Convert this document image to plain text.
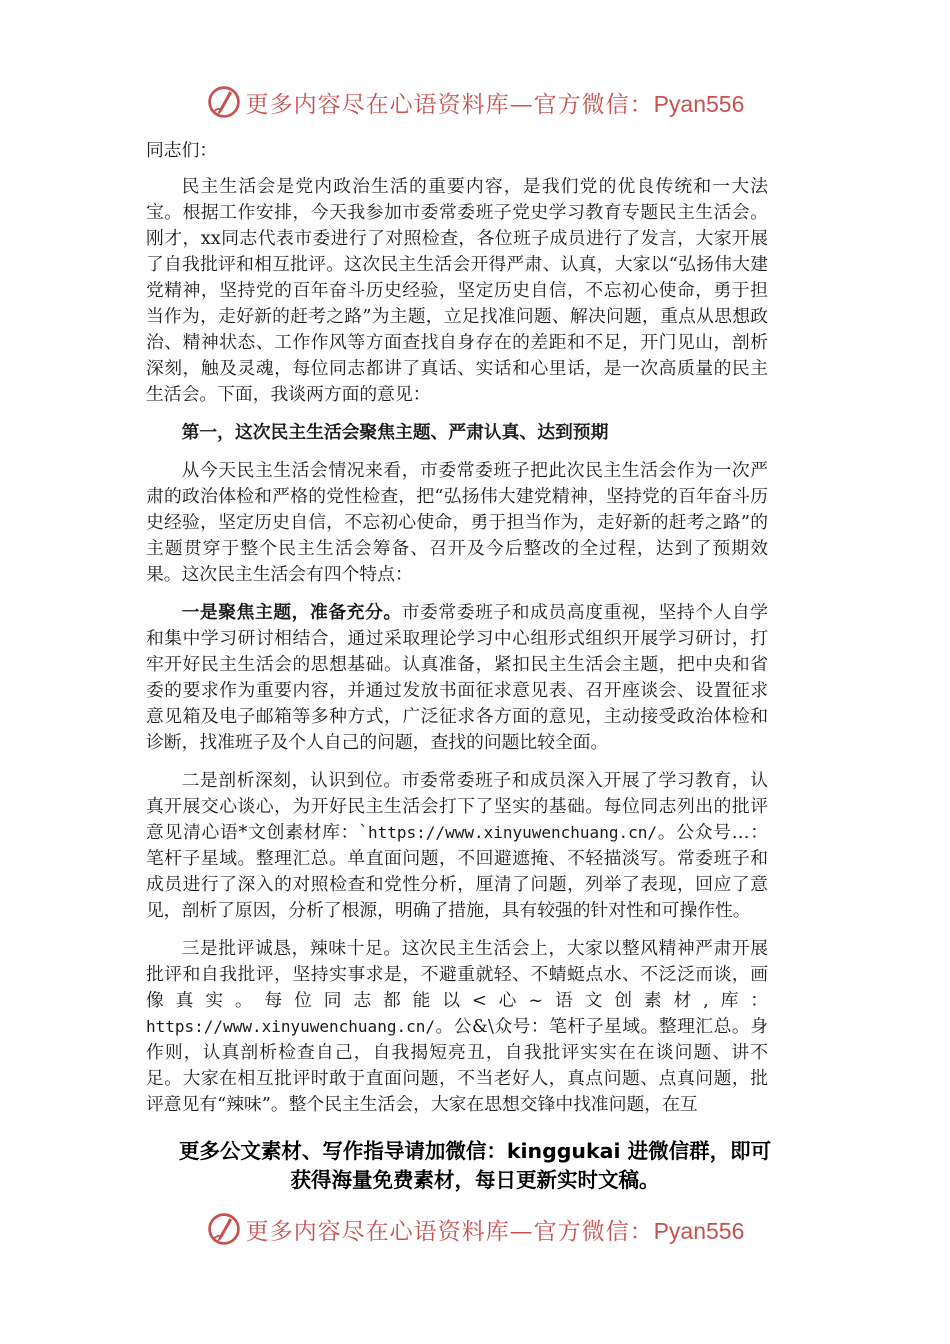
更多内容尽在心语资料库—官方微信：Pyan556

同志们：

民主生活会是党内政治生活的重要内容，是我们党的优良传统和一大法宝。根据工作安排，今天我参加市委常委班子党史学习教育专题民主生活会。刚才，xx同志代表市委进行了对照检查，各位班子成员进行了发言，大家开展了自我批评和相互批评。这次民主生活会开得严肃、认真，大家以“弘扬伟大建党精神，坚持党的百年奋斗历史经验，坚定历史自信，不忘初心使命，勇于担当作为，走好新的赶考之路”为主题，立足找准问题、解决问题，重点从思想政治、精神状态、工作作风等方面查找自身存在的差距和不足，开门见山，剖析深刻，触及灵魂，每位同志都讲了真话、实话和心里话，是一次高质量的民主生活会。下面，我谈两方面的意见：

第一，这次民主生活会聚焦主题、严肃认真、达到预期

从今天民主生活会情况来看，市委常委班子把此次民主生活会作为一次严肃的政治体检和严格的党性检查，把“弘扬伟大建党精神，坚持党的百年奋斗历史经验，坚定历史自信，不忘初心使命，勇于担当作为，走好新的赶考之路”的主题贯穿于整个民主生活会筹备、召开及今后整改的全过程，达到了预期效果。这次民主生活会有四个特点：

一是聚焦主题，准备充分。市委常委班子和成员高度重视，坚持个人自学和集中学习研讨相结合，通过采取理论学习中心组形式组织开展学习研讨，打牢开好民主生活会的思想基础。认真准备，紧扣民主生活会主题，把中央和省委的要求作为重要内容，并通过发放书面征求意见表、召开座谈会、设置征求意见箱及电子邮箱等多种方式，广泛征求各方面的意见，主动接受政治体检和诊断，找准班子及个人自己的问题，查找的问题比较全面。

二是剖析深刻，认识到位。市委常委班子和成员深入开展了学习教育，认真开展交心谈心，为开好民主生活会打下了坚实的基础。每位同志列出的批评意见清心语*文创素材库：`https://www.xinyuwenchuang.cn/。公众号…：笔杆子星域。整理汇总。单直面问题，不回避遮掩、不轻描淡写。常委班子和成员进行了深入的对照检查和党性分析，厘清了问题，列举了表现，回应了意见，剖析了原因，分析了根源，明确了措施，具有较强的针对性和可操作性。

三是批评诚恳，辣味十足。这次民主生活会上，大家以整风精神严肃开展批评和自我批评，坚持实事求是，不避重就轻、不蜻蜓点水、不泛泛而谈，画像真实。每位同志都能以<心~语文创素材,库：https://www.xinyuwenchuang.cn/。公&\众号：笔杆子星域。整理汇总。身作则，认真剖析检查自己，自我揭短亮丑，自我批评实实在在谈问题、讲不足。大家在相互批评时敢于直面问题，不当老好人，真点问题、点真问题，批评意见有“辣味”。整个民主生活会，大家在思想交锋中找准问题，在互

更多公文素材、写作指导请加微信：kinggukai 进微信群，即可
获得海量免费素材，每日更新实时文稿。
更多内容尽在心语资料库—官方微信：Pyan556
